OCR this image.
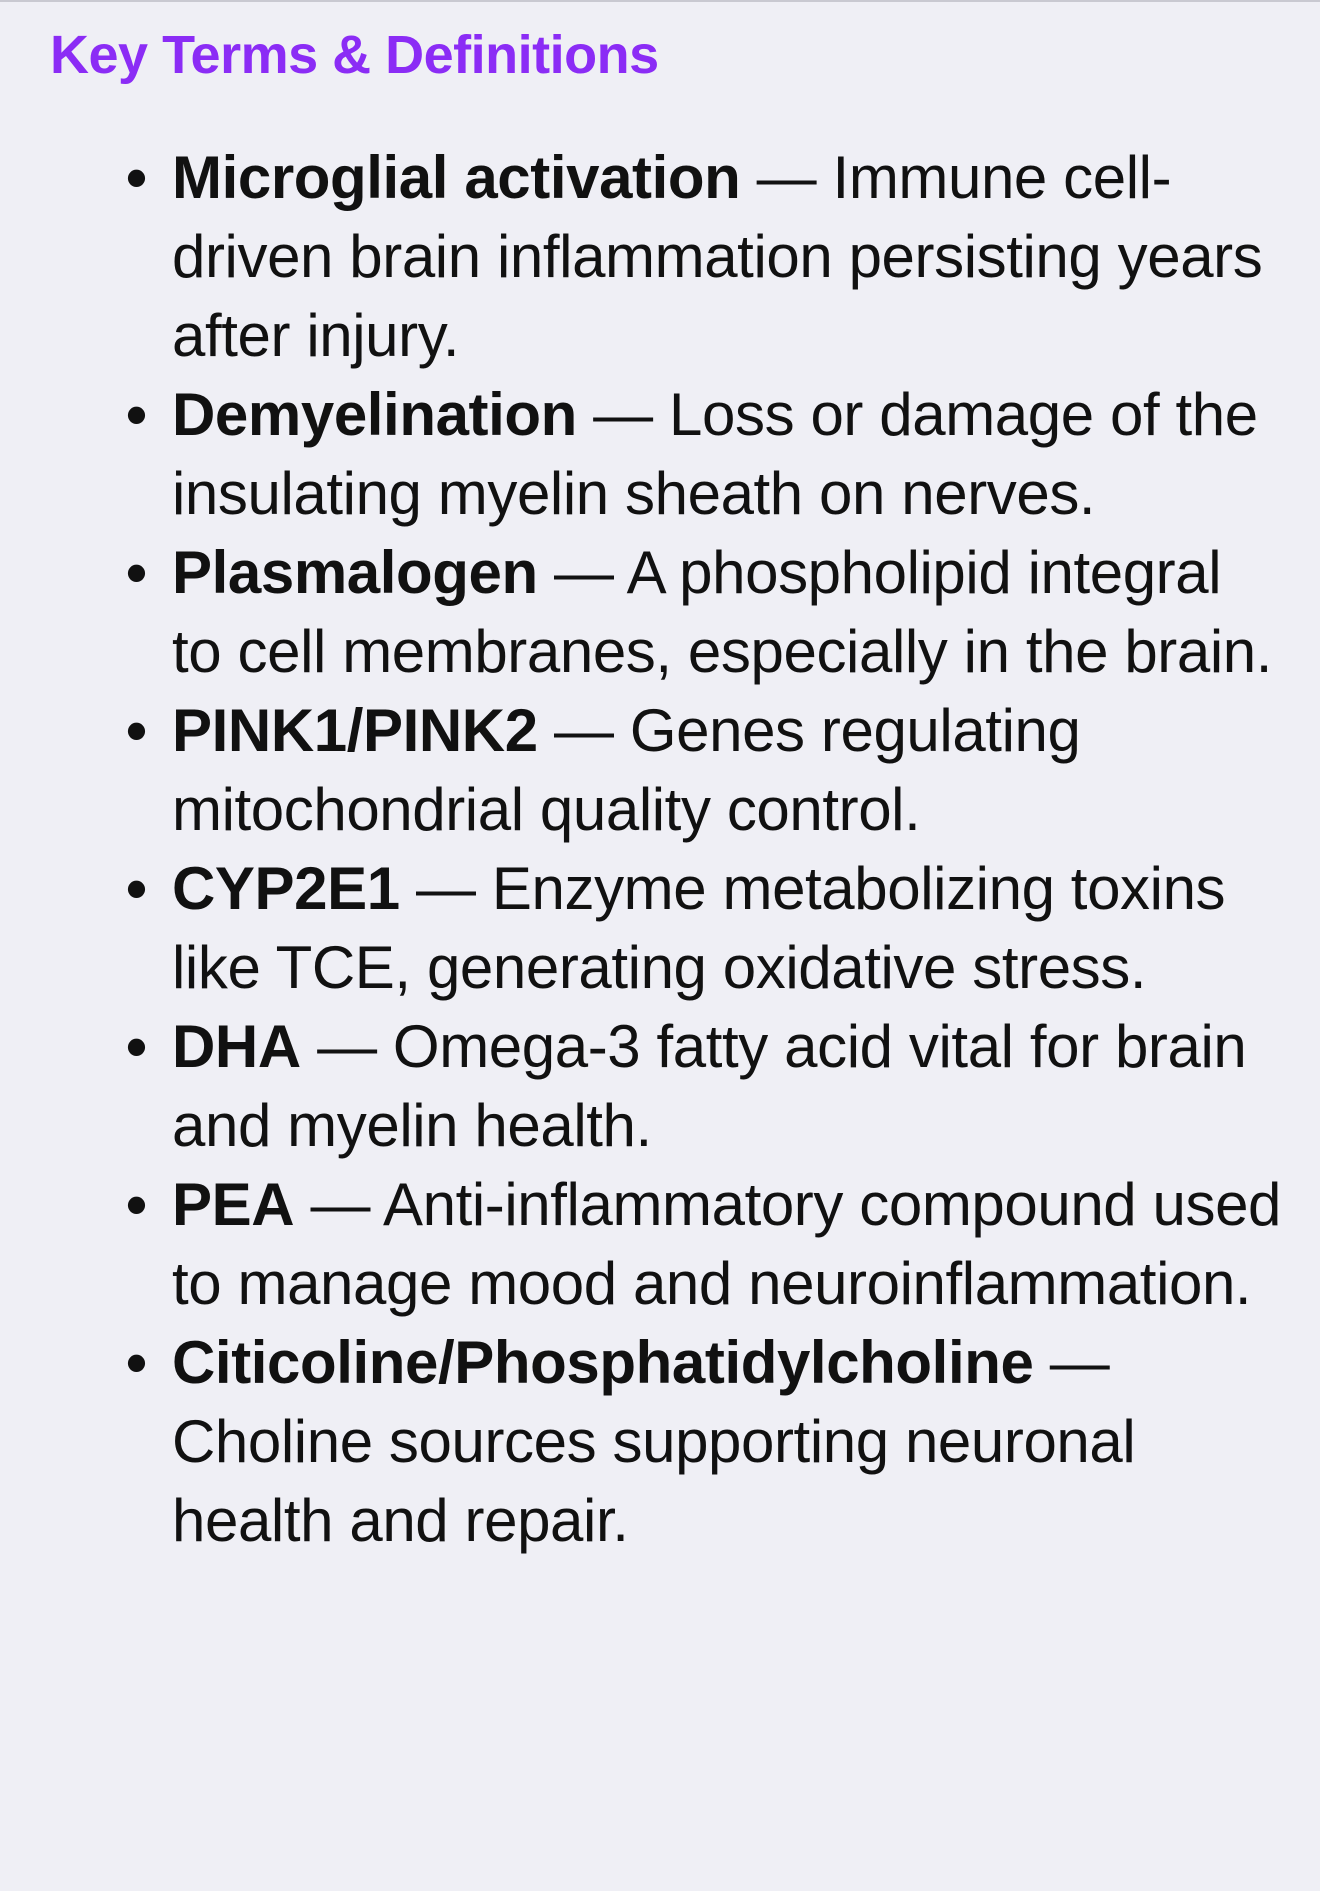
Key Terms & Definitions
• Microglial activation — Immune cell-driven brain inflammation persisting years after injury.
• Demyelination — Loss or damage of the insulating myelin sheath on nerves.
• Plasmalogen — A phospholipid integral to cell membranes, especially in the brain.
• PINK1/PINK2 — Genes regulating mitochondrial quality control.
• CYP2E1 — Enzyme metabolizing toxins like TCE, generating oxidative stress.
• DHA — Omega-3 fatty acid vital for brain and myelin health.
• PEA — Anti-inflammatory compound used to manage mood and neuroinflammation.
• Citicoline/Phosphatidylcholine — Choline sources supporting neuronal health and repair.
